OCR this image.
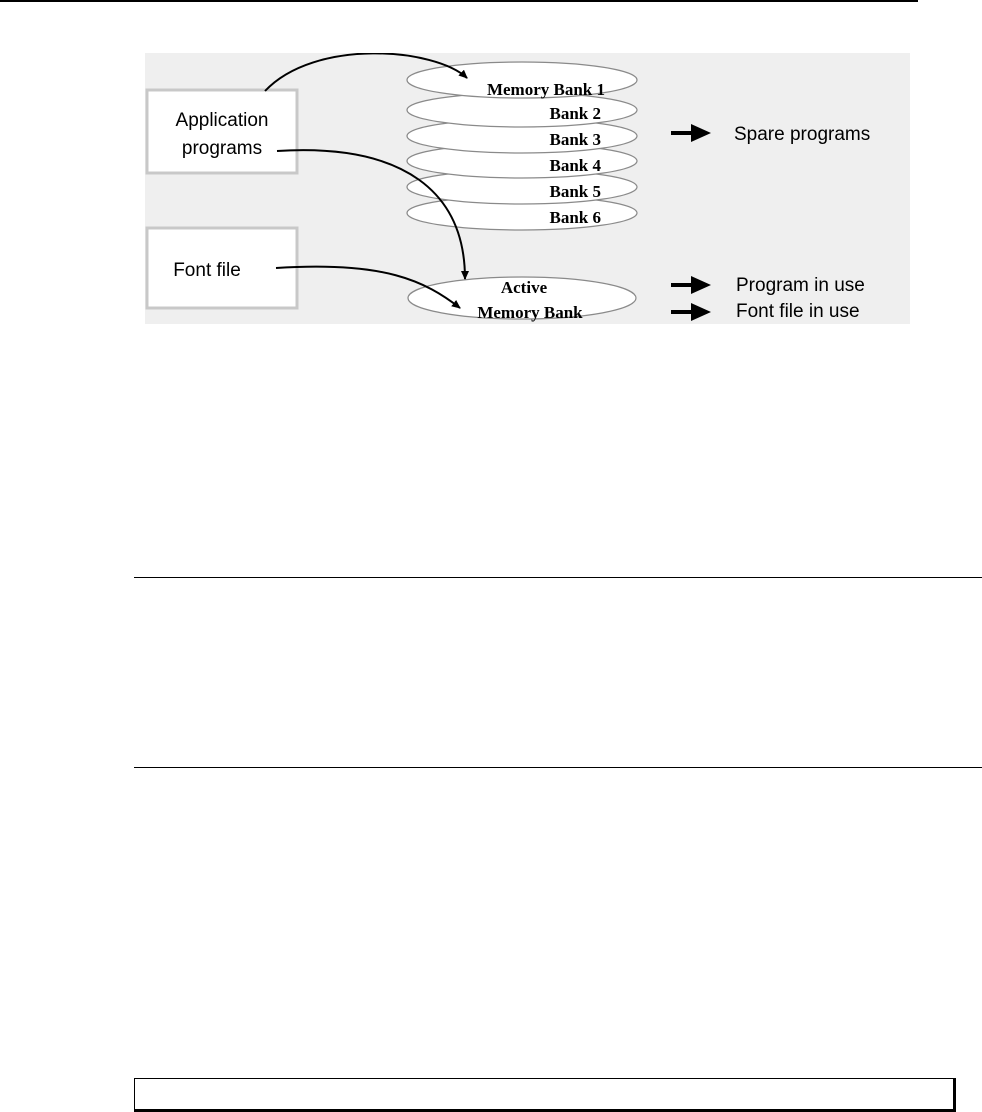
Application
programs
Font file
Memory Bank 1
Bank 2
Bank 3
Bank 4
Bank 5
Bank 6
Active
Memory Bank
Spare programs
Program in use
Font file in use
